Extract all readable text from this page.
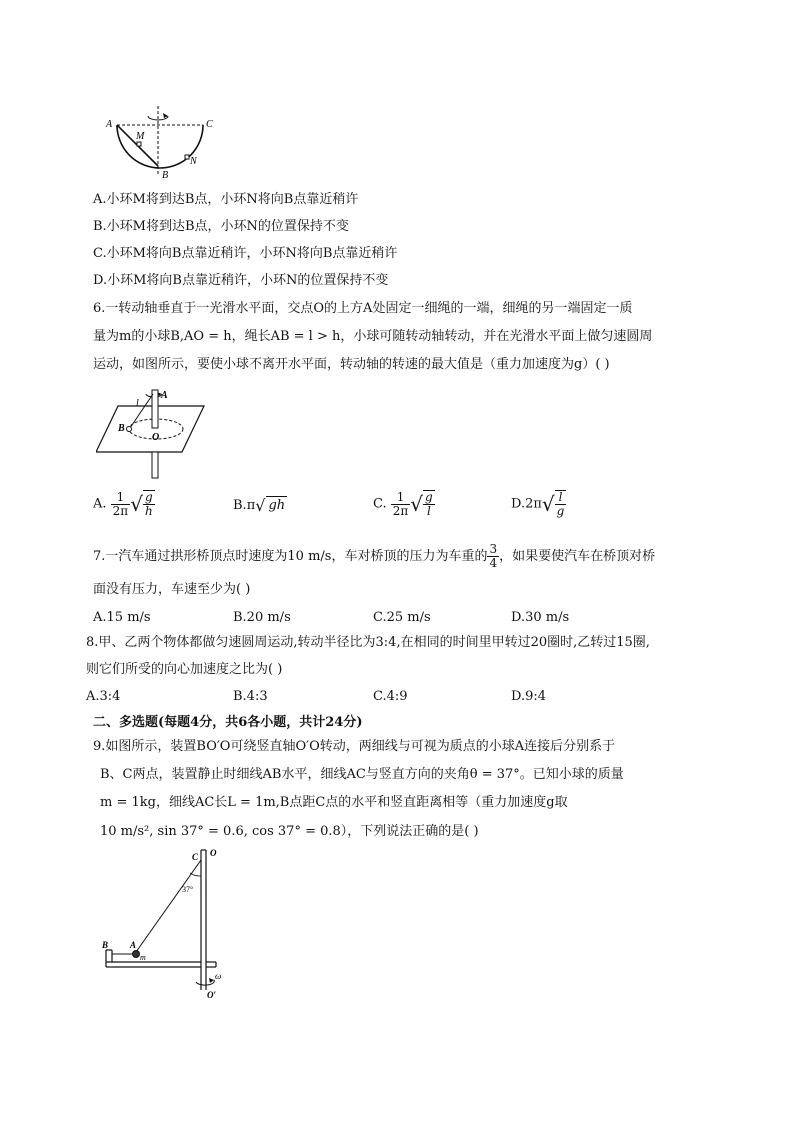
A	C
M
N
B
A.小环M将到达B点，小环N将向B点靠近稍许
B.小环M将到达B点，小环N的位置保持不变
C.小环M将向B点靠近稍许，小环N将向B点靠近稍许
D.小环M将向B点靠近稍许，小环N的位置保持不变
6.一转动轴垂直于一光滑水平面，交点O的上方A处固定一细绳的一端，细绳的另一端固定一质
量为m的小球B,AO = h，绳长AB = l > h，小球可随转动轴转动，并在光滑水平面上做匀速圆周
运动，如图所示，要使小球不离开水平面，转动轴的转速的最大值是（重力加速度为g）( )
l
A
B
O
A. $\frac{1}{2\pi}$ √ $\frac{g}{h}$	B.π√ gh	C. $\frac{1}{2\pi}$ √ $\frac{g}{l}$	$D.2\pi√ \frac{l}{g}$
7.一汽车通过拱形桥顶点时速度为10 m/s，车对桥顶的压力为车重的 $\frac{3}{4}$ ，如果要使汽车在桥顶对桥
面没有压力，车速至少为( )
A.15 m/s	B.20 m/s	C.25 m/s	D.30 m/s
8.甲、乙两个物体都做匀速圆周运动,转动半径比为3:4,在相同的时间里甲转过20圈时,乙转过15圈,
则它们所受的向心加速度之比为( )
A.3:4	B.4:3	C.4:9	D.9:4
二、多选题(每题4分，共6各小题，共计24分)
9.如图所示，装置BO′O可绕竖直轴O′O转动，两细线与可视为质点的小球A连接后分别系于
B、C两点，装置静止时细线AB水平，细线AC与竖直方向的夹角θ = 37°。已知小球的质量
m = 1kg，细线AC长L = 1m,B点距C点的水平和竖直距离相等（重力加速度g取
10 m/s², sin 37° = 0.6, cos 37° = 0.8），下列说法正确的是( )
O
C
37°
B A
m
ω
O′
